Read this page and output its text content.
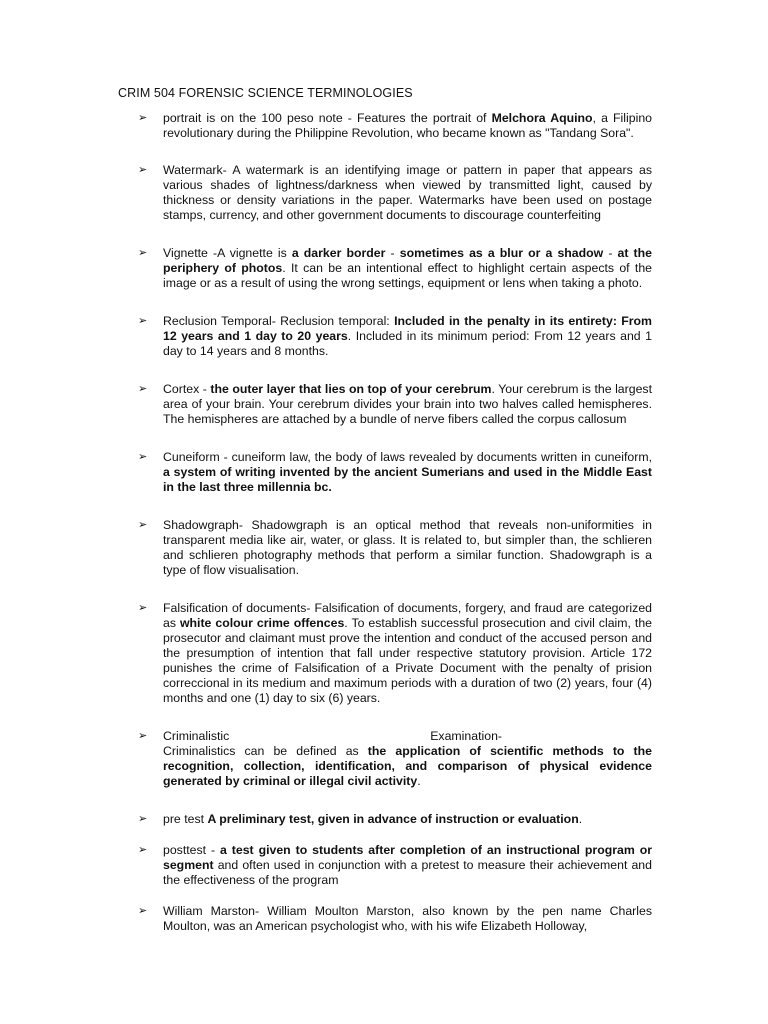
CRIM 504 FORENSIC SCIENCE TERMINOLOGIES
➢ portrait is on the 100 peso note - Features the portrait of Melchora Aquino, a Filipino revolutionary during the Philippine Revolution, who became known as "Tandang Sora".
➢ Watermark- A watermark is an identifying image or pattern in paper that appears as various shades of lightness/darkness when viewed by transmitted light, caused by thickness or density variations in the paper. Watermarks have been used on postage stamps, currency, and other government documents to discourage counterfeiting
➢ Vignette -A vignette is a darker border - sometimes as a blur or a shadow - at the periphery of photos. It can be an intentional effect to highlight certain aspects of the image or as a result of using the wrong settings, equipment or lens when taking a photo.
➢ Reclusion Temporal- Reclusion temporal: Included in the penalty in its entirety: From 12 years and 1 day to 20 years. Included in its minimum period: From 12 years and 1 day to 14 years and 8 months.
➢ Cortex - the outer layer that lies on top of your cerebrum. Your cerebrum is the largest area of your brain. Your cerebrum divides your brain into two halves called hemispheres. The hemispheres are attached by a bundle of nerve fibers called the corpus callosum
➢ Cuneiform - cuneiform law, the body of laws revealed by documents written in cuneiform, a system of writing invented by the ancient Sumerians and used in the Middle East in the last three millennia bc.
➢ Shadowgraph- Shadowgraph is an optical method that reveals non-uniformities in transparent media like air, water, or glass. It is related to, but simpler than, the schlieren and schlieren photography methods that perform a similar function. Shadowgraph is a type of flow visualisation.
➢ Falsification of documents- Falsification of documents, forgery, and fraud are categorized as white colour crime offences. To establish successful prosecution and civil claim, the prosecutor and claimant must prove the intention and conduct of the accused person and the presumption of intention that fall under respective statutory provision. Article 172 punishes the crime of Falsification of a Private Document with the penalty of prision correccional in its medium and maximum periods with a duration of two (2) years, four (4) months and one (1) day to six (6) years.
➢ Criminalistic	Examination-
Criminalistics can be defined as the application of scientific methods to the recognition, collection, identification, and comparison of physical evidence generated by criminal or illegal civil activity.
➢ pre test A preliminary test, given in advance of instruction or evaluation.
➢ posttest - a test given to students after completion of an instructional program or segment and often used in conjunction with a pretest to measure their achievement and the effectiveness of the program
➢ William Marston- William Moulton Marston, also known by the pen name Charles Moulton, was an American psychologist who, with his wife Elizabeth Holloway,
